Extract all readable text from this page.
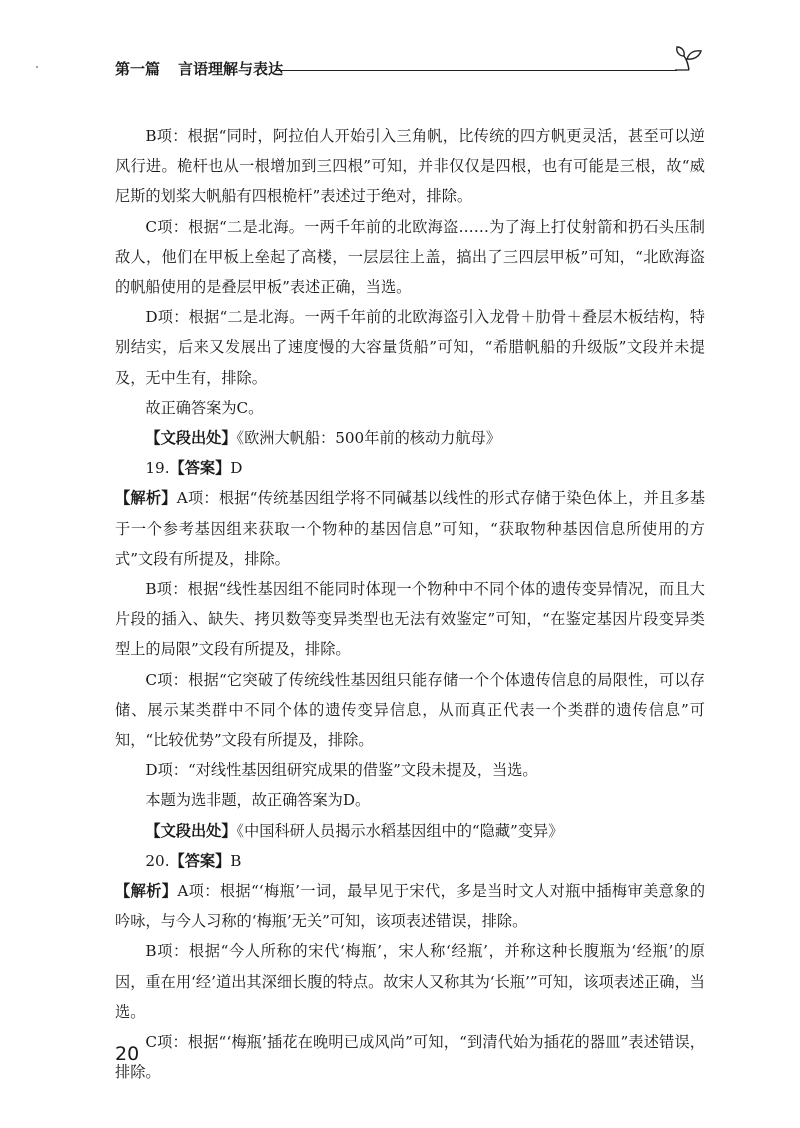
第一篇 言语理解与表达

B项：根据“同时，阿拉伯人开始引入三角帆，比传统的四方帆更灵活，甚至可以逆风行进。桅杆也从一根增加到三四根”可知，并非仅仅是四根，也有可能是三根，故“威尼斯的划桨大帆船有四根桅杆”表述过于绝对，排除。

C项：根据“二是北海。一两千年前的北欧海盗……为了海上打仗射箭和扔石头压制敌人，他们在甲板上垒起了高楼，一层层往上盖，搞出了三四层甲板”可知，“北欧海盗的帆船使用的是叠层甲板”表述正确，当选。

D项：根据“二是北海。一两千年前的北欧海盗引入龙骨＋肋骨＋叠层木板结构，特别结实，后来又发展出了速度慢的大容量货船”可知，“希腊帆船的升级版”文段并未提及，无中生有，排除。

故正确答案为C。

【文段出处】《欧洲大帆船：500年前的核动力航母》

19.【答案】D

【解析】A项：根据“传统基因组学将不同碱基以线性的形式存储于染色体上，并且多基于一个参考基因组来获取一个物种的基因信息”可知，“获取物种基因信息所使用的方式”文段有所提及，排除。

B项：根据“线性基因组不能同时体现一个物种中不同个体的遗传变异情况，而且大片段的插入、缺失、拷贝数等变异类型也无法有效鉴定”可知，“在鉴定基因片段变异类型上的局限”文段有所提及，排除。

C项：根据“它突破了传统线性基因组只能存储一个个体遗传信息的局限性，可以存储、展示某类群中不同个体的遗传变异信息，从而真正代表一个类群的遗传信息”可知，“比较优势”文段有所提及，排除。

D项：“对线性基因组研究成果的借鉴”文段未提及，当选。

本题为选非题，故正确答案为D。

【文段出处】《中国科研人员揭示水稻基因组中的“隐藏”变异》

20.【答案】B

【解析】A项：根据“‘梅瓶’一词，最早见于宋代，多是当时文人对瓶中插梅审美意象的吟咏，与今人习称的‘梅瓶’无关”可知，该项表述错误，排除。

B项：根据“今人所称的宋代‘梅瓶’，宋人称‘经瓶’，并称这种长腹瓶为‘经瓶’的原因，重在用‘经’道出其深细长腹的特点。故宋人又称其为‘长瓶’”可知，该项表述正确，当选。

C项：根据“‘梅瓶’插花在晚明已成风尚”可知，“到清代始为插花的器皿”表述错误，排除。

20
